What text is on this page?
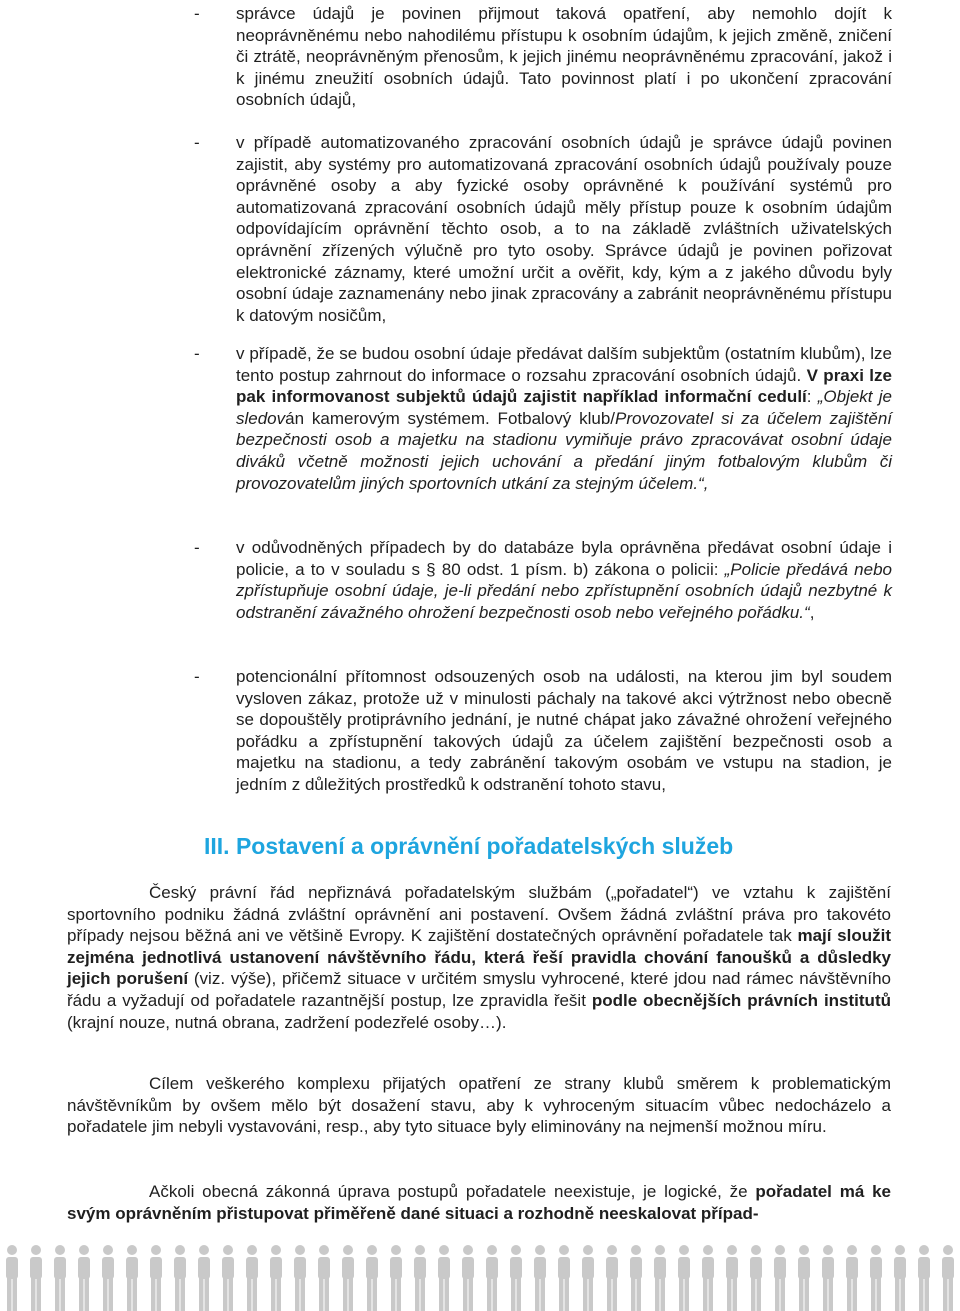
- správce údajů je povinen přijmout taková opatření, aby nemohlo dojít k neoprávněnému nebo nahodilému přístupu k osobním údajům, k jejich změně, zničení či ztrátě, neoprávněným přenosům, k jejich jinému neoprávněnému zpracování, jakož i k jinému zneužití osobních údajů. Tato povinnost platí i po ukončení zpracování osobních údajů,

- v případě automatizovaného zpracování osobních údajů je správce údajů povinen zajistit, aby systémy pro automatizovaná zpracování osobních údajů používaly pouze oprávněné osoby a aby fyzické osoby oprávněné k používání systémů pro automatizovaná zpracování osobních údajů měly přístup pouze k osobním údajům odpovídajícím oprávnění těchto osob, a to na základě zvláštních uživatelských oprávnění zřízených výlučně pro tyto osoby. Správce údajů je povinen pořizovat elektronické záznamy, které umožní určit a ověřit, kdy, kým a z jakého důvodu byly osobní údaje zaznamenány nebo jinak zpracovány a zabránit neoprávněnému přístupu k datovým nosičům,

- v případě, že se budou osobní údaje předávat dalším subjektům (ostatním klubům), lze tento postup zahrnout do informace o rozsahu zpracování osobních údajů. V praxi lze pak informovanost subjektů údajů zajistit například informační cedulí: „Objekt je sledován kamerovým systémem. Fotbalový klub/Provozovatel si za účelem zajištění bezpečnosti osob a majetku na stadionu vymiňuje právo zpracovávat osobní údaje diváků včetně možnosti jejich uchování a předání jiným fotbalovým klubům či provozovatelům jiných sportovních utkání za stejným účelem.“,

- v odůvodněných případech by do databáze byla oprávněna předávat osobní údaje i policie, a to v souladu s § 80 odst. 1 písm. b) zákona o policii: „Policie předává nebo zpřístupňuje osobní údaje, je-li předání nebo zpřístupnění osobních údajů nezbytné k odstranění závažného ohrožení bezpečnosti osob nebo veřejného pořádku.“,

- potencionální přítomnost odsouzených osob na události, na kterou jim byl soudem vysloven zákaz, protože už v minulosti páchaly na takové akci výtržnost nebo obecně se dopouštěly protiprávního jednání, je nutné chápat jako závažné ohrožení veřejného pořádku a zpřístupnění takových údajů za účelem zajištění bezpečnosti osob a majetku na stadionu, a tedy zabránění takovým osobám ve vstupu na stadion, je jedním z důležitých prostředků k odstranění tohoto stavu,

III. Postavení a oprávnění pořadatelských služeb

Český právní řád nepřiznává pořadatelským službám („pořadatel“) ve vztahu k zajištění sportovního podniku žádná zvláštní oprávnění ani postavení. Ovšem žádná zvláštní práva pro takovéto případy nejsou běžná ani ve většině Evropy. K zajištění dostatečných oprávnění pořadatele tak mají sloužit zejména jednotlivá ustanovení návštěvního řádu, která řeší pravidla chování fanoušků a důsledky jejich porušení (viz. výše), přičemž situace v určitém smyslu vyhrocené, které jdou nad rámec návštěvního řádu a vyžadují od pořadatele razantnější postup, lze zpravidla řešit podle obecnějších právních institutů (krajní nouze, nutná obrana, zadržení podezřelé osoby…).

Cílem veškerého komplexu přijatých opatření ze strany klubů směrem k problematickým návštěvníkům by ovšem mělo být dosažení stavu, aby k vyhroceným situacím vůbec nedocházelo a pořadatele jim nebyli vystavováni, resp., aby tyto situace byly eliminovány na nejmenší možnou míru.

Ačkoli obecná zákonná úprava postupů pořadatele neexistuje, je logické, že pořadatel má ke svým oprávněním přistupovat přiměřeně dané situaci a rozhodně neeskalovat případ-
